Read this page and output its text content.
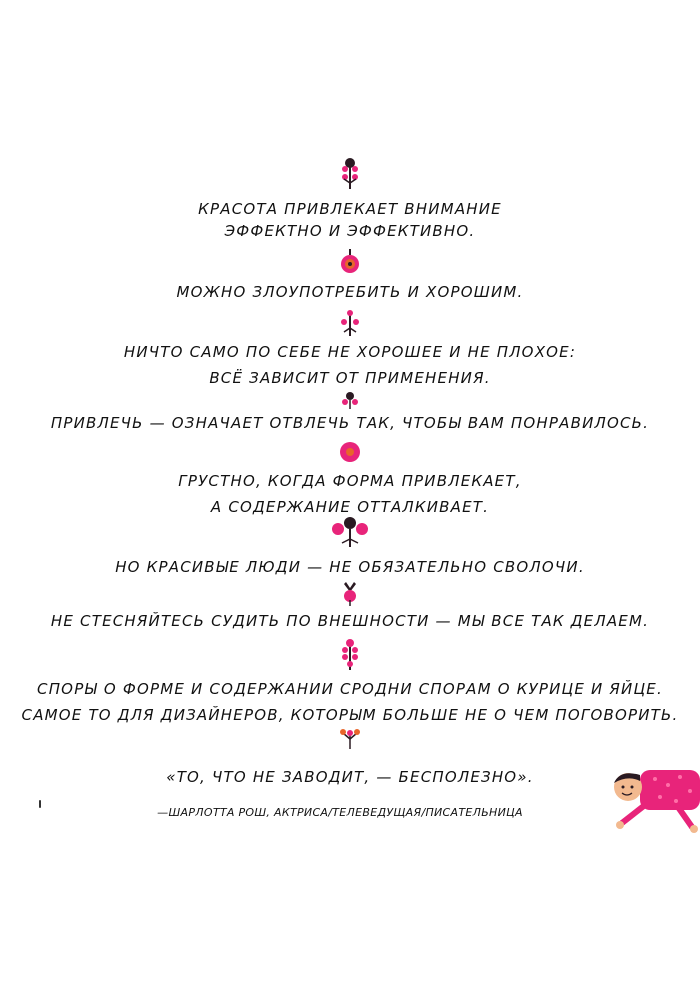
КРАСОТА ПРИВЛЕКАЕТ ВНИМАНИЕ
ЭФФЕКТНО И ЭФФЕКТИВНО.
МОЖНО ЗЛОУПОТРЕБИТЬ И ХОРОШИМ.
НИЧТО САМО ПО СЕБЕ НЕ ХОРОШЕЕ И НЕ ПЛОХОЕ:
ВСЁ ЗАВИСИТ ОТ ПРИМЕНЕНИЯ.
ПРИВЛЕЧЬ — ОЗНАЧАЕТ ОТВЛЕЧЬ ТАК, ЧТОБЫ ВАМ ПОНРАВИЛОСЬ.
ГРУСТНО, КОГДА ФОРМА ПРИВЛЕКАЕТ,
А СОДЕРЖАНИЕ ОТТАЛКИВАЕТ.
НО КРАСИВЫЕ ЛЮДИ — НЕ ОБЯЗАТЕЛЬНО СВОЛОЧИ.
НЕ СТЕСНЯЙТЕСЬ СУДИТЬ ПО ВНЕШНОСТИ — МЫ ВСЕ ТАК ДЕЛАЕМ.
СПОРЫ О ФОРМЕ И СОДЕРЖАНИИ СРОДНИ СПОРАМ О КУРИЦЕ И ЯЙЦЕ.
САМОЕ ТО ДЛЯ ДИЗАЙНЕРОВ, КОТОРЫМ БОЛЬШЕ НЕ О ЧЕМ ПОГОВОРИТЬ.
«ТО, ЧТО НЕ ЗАВОДИТ, — БЕСПОЛЕЗНО».
—ШАРЛОТТА РОШ, АКТРИСА/ТЕЛЕВЕДУЩАЯ/ПИСАТЕЛЬНИЦА
